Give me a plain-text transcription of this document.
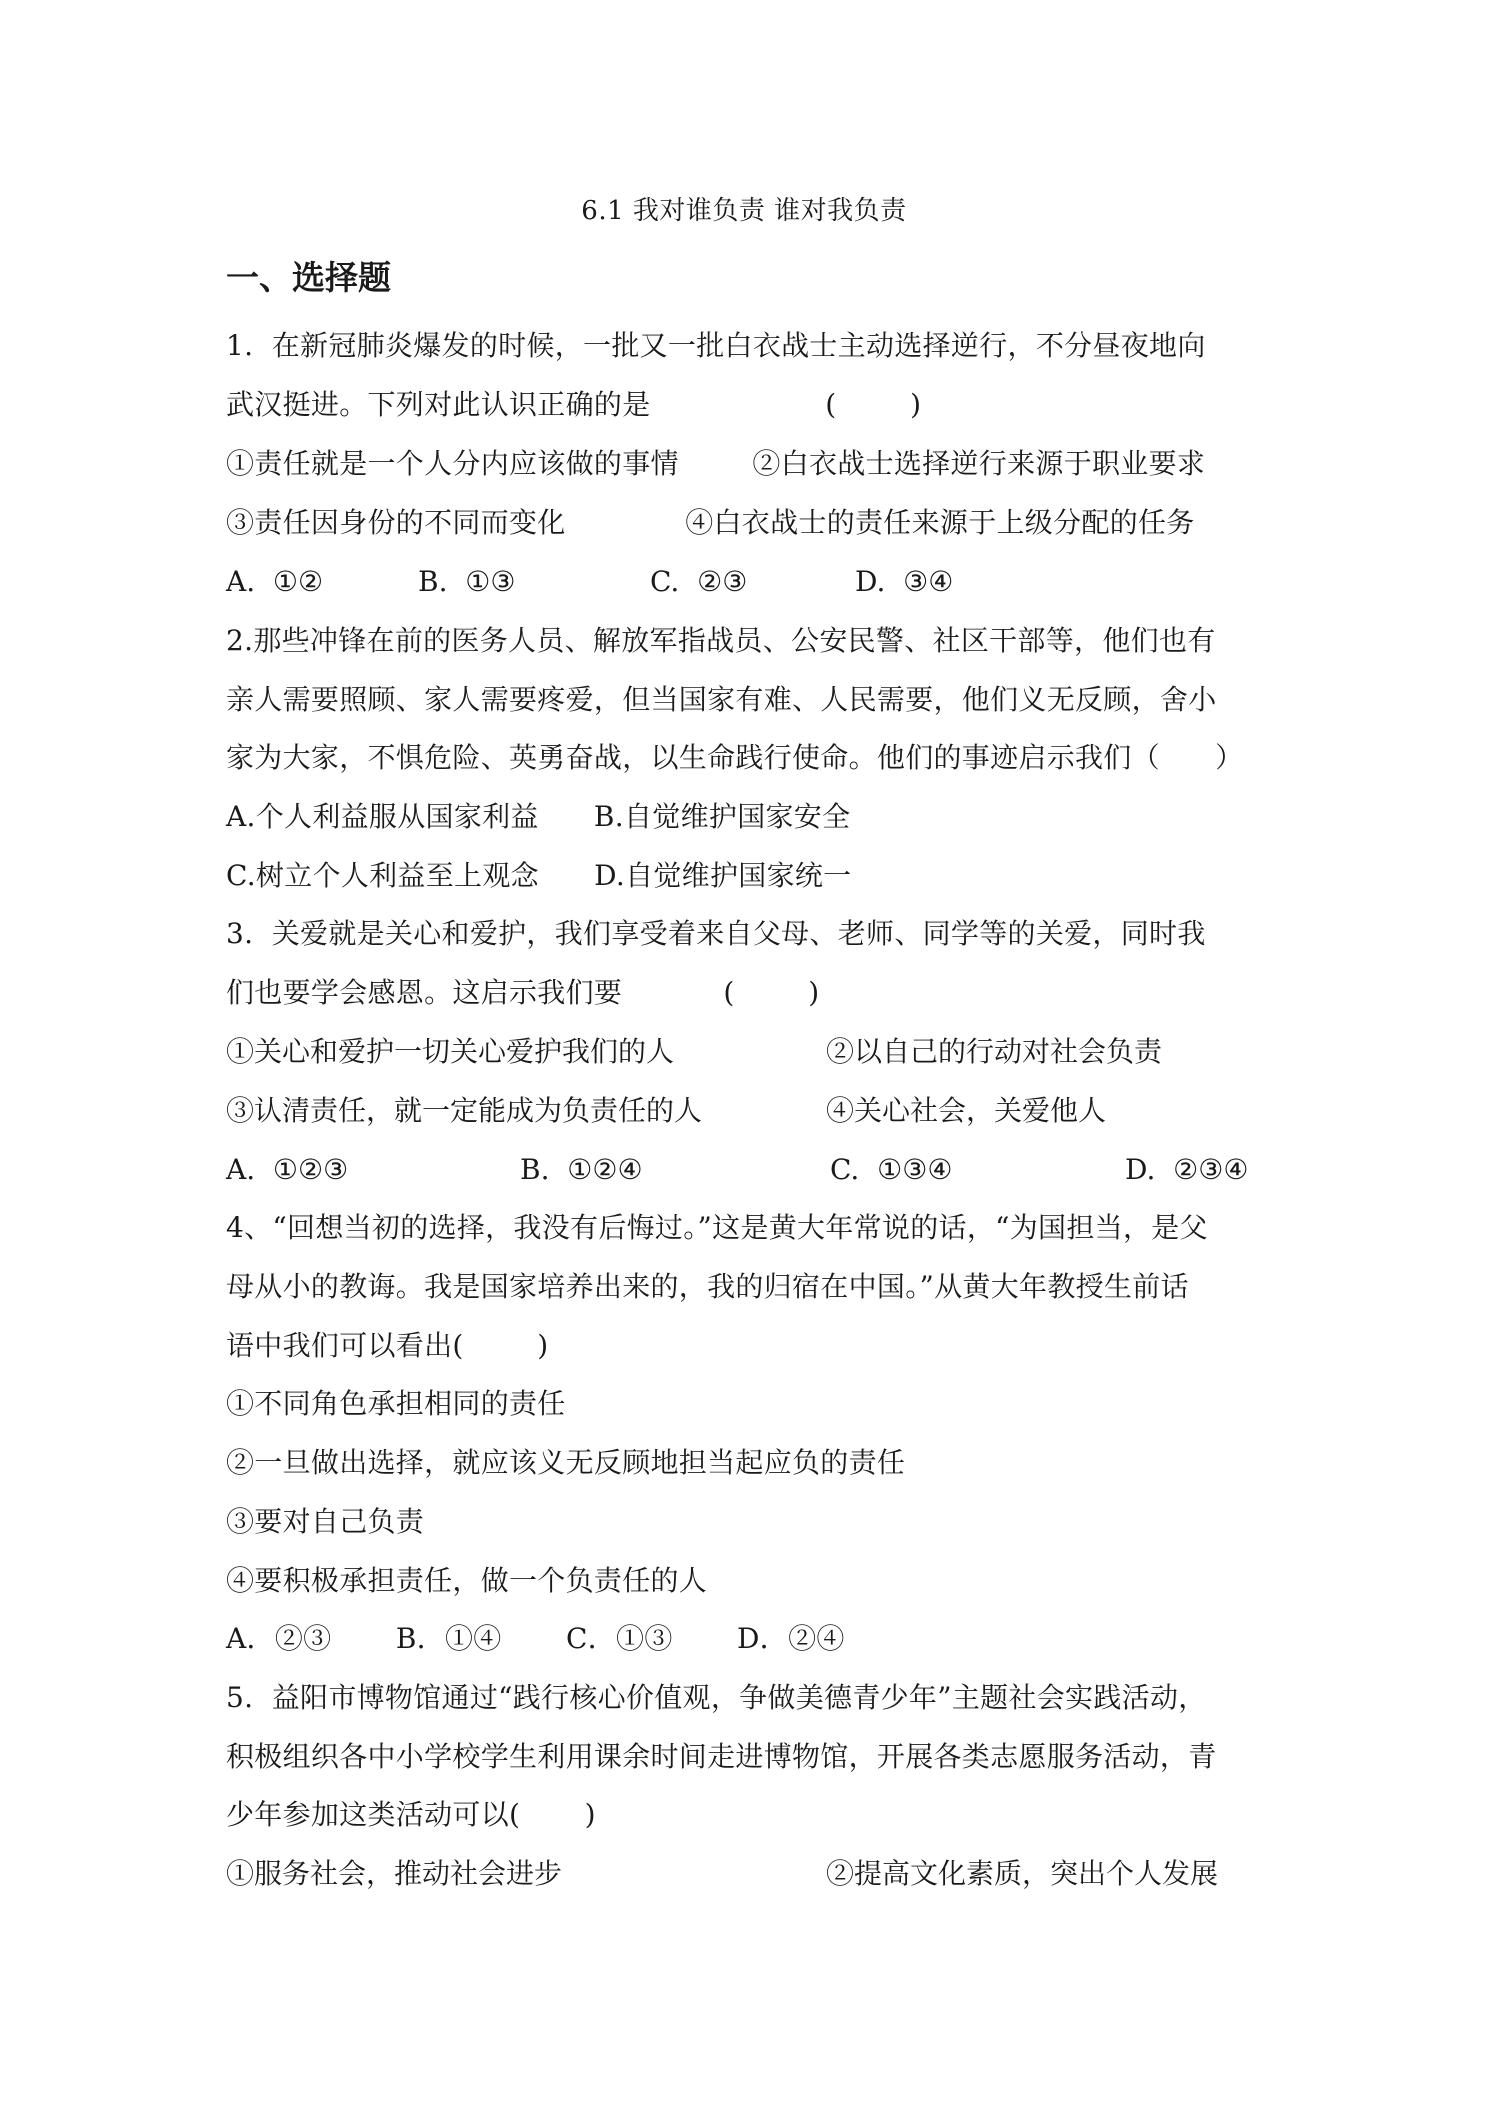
6.1 我对谁负责 谁对我负责
一、选择题
1.  在新冠肺炎爆发的时候，一批又一批白衣战士主动选择逆行，不分昼夜地向
武汉挺进。下列对此认识正确的是                   (        )
①责任就是一个人分内应该做的事情        ②白衣战士选择逆行来源于职业要求
③责任因身份的不同而变化             ④白衣战士的责任来源于上级分配的任务
A.  ①②	B.  ①③	C.  ②③	D.  ③④
2.那些冲锋在前的医务人员、解放军指战员、公安民警、社区干部等，他们也有
亲人需要照顾、家人需要疼爱，但当国家有难、人民需要，他们义无反顾，舍小
家为大家，不惧危险、英勇奋战，以生命践行使命。他们的事迹启示我们（      ）
A.个人利益服从国家利益      B.自觉维护国家安全
C.树立个人利益至上观念      D.自觉维护国家统一
3.  关爱就是关心和爱护，我们享受着来自父母、老师、同学等的关爱，同时我
们也要学会感恩。这启示我们要           (        )
①关心和爱护一切关心爱护我们的人	②以自己的行动对社会负责
③认清责任，就一定能成为负责任的人	④关心社会，关爱他人
A.  ①②③	B.  ①②④	C.  ①③④	D.  ②③④
4、“回想当初的选择，我没有后悔过。”这是黄大年常说的话，“为国担当，是父
母从小的教诲。我是国家培养出来的，我的归宿在中国。”从黄大年教授生前话
语中我们可以看出(        )
①不同角色承担相同的责任
②一旦做出选择，就应该义无反顾地担当起应负的责任
③要对自己负责
④要积极承担责任，做一个负责任的人
A．②③       B．①④       C．①③       D．②④
5.  益阳市博物馆通过“践行核心价值观，争做美德青少年”主题社会实践活动，
积极组织各中小学校学生利用课余时间走进博物馆，开展各类志愿服务活动，青
少年参加这类活动可以(       )
①服务社会，推动社会进步	②提高文化素质，突出个人发展
